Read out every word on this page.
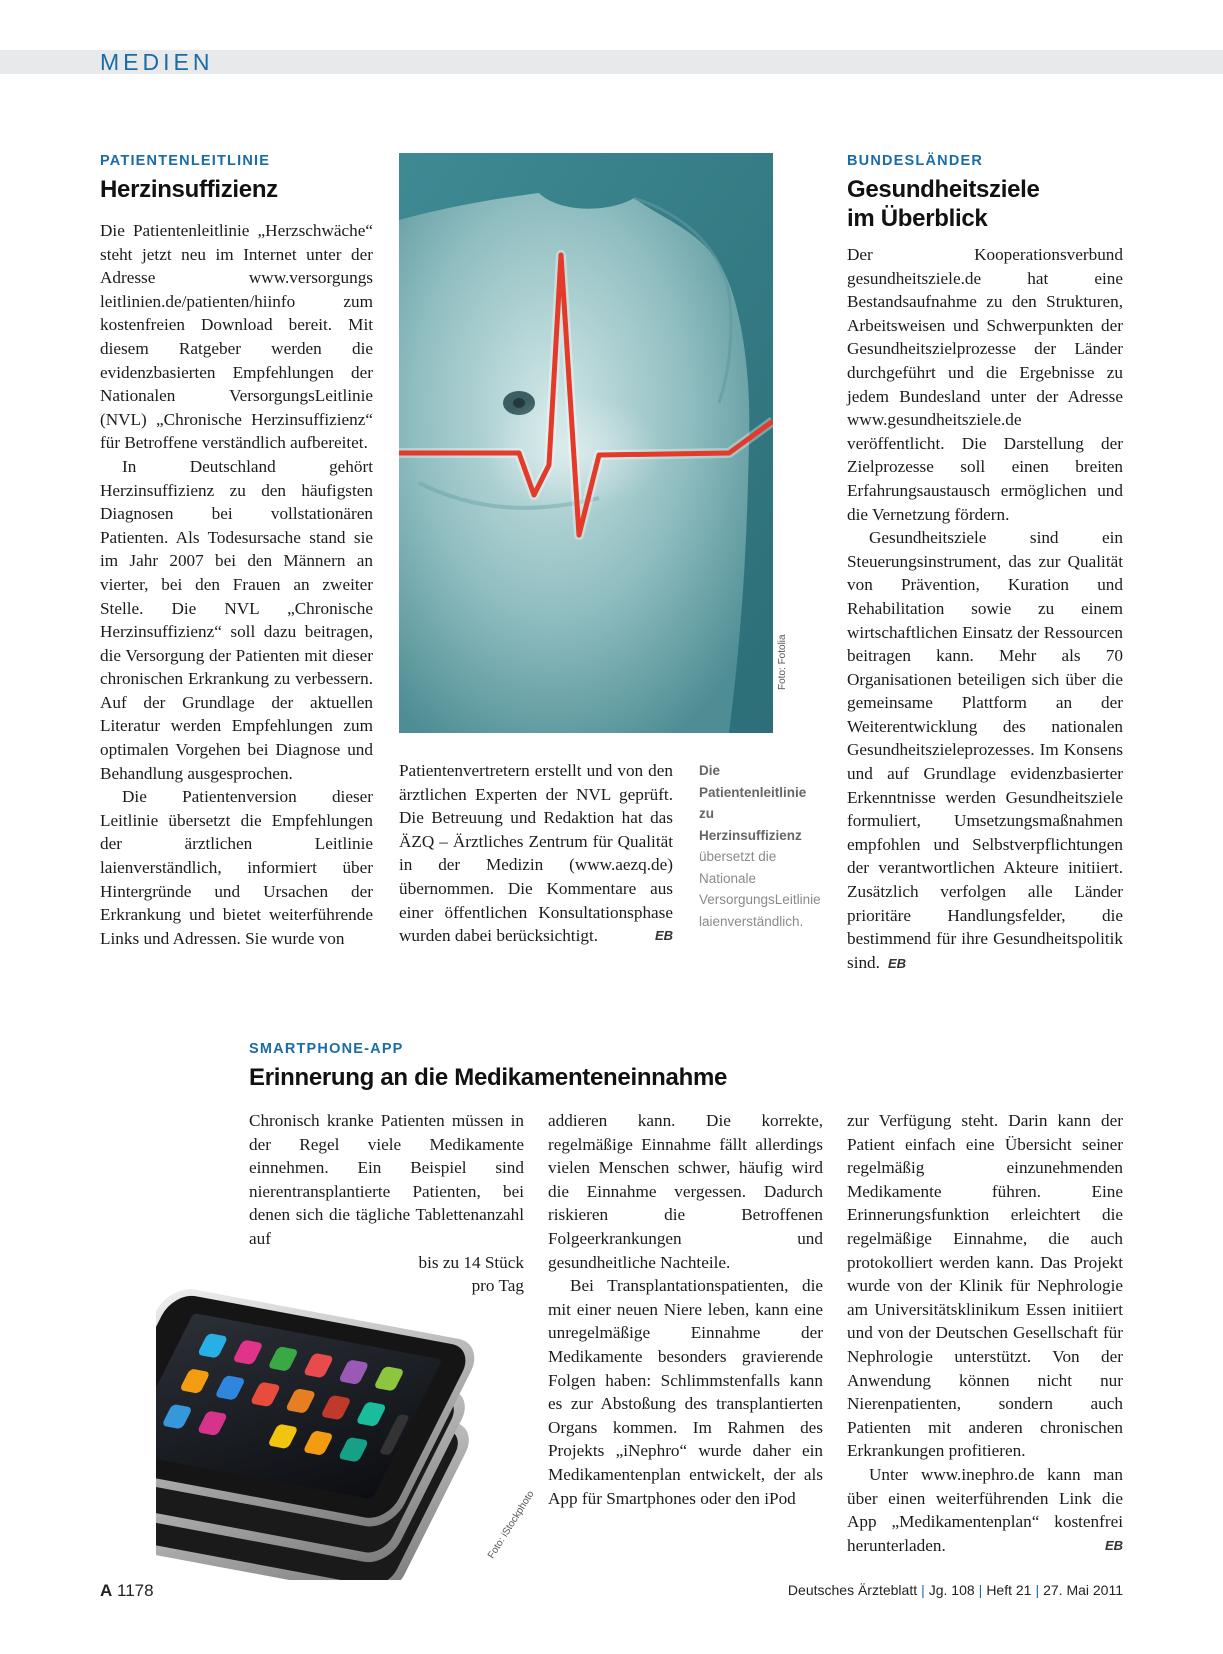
MEDIEN
PATIENTENLEITLINIE
Herzinsuffizienz

Die Patientenleitlinie „Herzschwäche“ steht jetzt neu im Internet unter der Adresse www.versorgungs leitlinien.de/patienten/hiinfo zum kostenfreien Download bereit. Mit diesem Ratgeber werden die evidenzbasierten Empfehlungen der Nationalen VersorgungsLeitlinie (NVL) „Chronische Herzinsuffizienz“ für Betroffene verständlich aufbereitet.

In Deutschland gehört Herzinsuffizienz zu den häufigsten Diagnosen bei vollstationären Patienten. Als Todesursache stand sie im Jahr 2007 bei den Männern an vierter, bei den Frauen an zweiter Stelle. Die NVL „Chronische Herzinsuffizienz“ soll dazu beitragen, die Versorgung der Patienten mit dieser chronischen Erkrankung zu verbessern. Auf der Grundlage der aktuellen Literatur werden Empfehlungen zum optimalen Vorgehen bei Diagnose und Behandlung ausgesprochen.

Die Patientenversion dieser Leitlinie übersetzt die Empfehlungen der ärztlichen Leitlinie laienverständlich, informiert über Hintergründe und Ursachen der Erkrankung und bietet weiterführende Links und Adressen. Sie wurde von

Foto: Fotolia

Patientenvertretern erstellt und von den ärztlichen Experten der NVL geprüft. Die Betreuung und Redaktion hat das ÄZQ – Ärztliches Zentrum für Qualität in der Medizin (www.aezq.de) übernommen. Die Kommentare aus einer öffentlichen Konsultationsphase wurden dabei berücksichtigt.	EB

Die Patientenleitlinie zu Herzinsuffizienz übersetzt die Nationale VersorgungsLeitlinie laienverständlich.
BUNDESLÄNDER
Gesundheitsziele
im Überblick

Der Kooperationsverbund gesundheitsziele.de hat eine Bestandsaufnahme zu den Strukturen, Arbeitsweisen und Schwerpunkten der Gesundheitszielprozesse der Länder durchgeführt und die Ergebnisse zu jedem Bundesland unter der Adresse www.gesundheitsziele.de veröffentlicht. Die Darstellung der Zielprozesse soll einen breiten Erfahrungsaustausch ermöglichen und die Vernetzung fördern.

Gesundheitsziele sind ein Steuerungsinstrument, das zur Qualität von Prävention, Kuration und Rehabilitation sowie zu einem wirtschaftlichen Einsatz der Ressourcen beitragen kann. Mehr als 70 Organisationen beteiligen sich über die gemeinsame Plattform an der Weiterentwicklung des nationalen Gesundheitszieleprozesses. Im Konsens und auf Grundlage evidenzbasierter Erkenntnisse werden Gesundheitsziele formuliert, Umsetzungsmaßnahmen empfohlen und Selbstverpflichtungen der verantwortlichen Akteure initiiert. Zusätzlich verfolgen alle Länder prioritäre Handlungsfelder, die bestimmend für ihre Gesundheitspolitik sind. EB

SMARTPHONE-APP
Erinnerung an die Medikamenteneinnahme

Chronisch kranke Patienten müssen in der Regel viele Medikamente einnehmen. Ein Beispiel sind nierentransplantierte Patienten, bei denen sich die tägliche Tablettenanzahl auf

bis zu 14 Stück
pro Tag
Foto: iStockphoto

addieren kann. Die korrekte, regelmäßige Einnahme fällt allerdings vielen Menschen schwer, häufig wird die Einnahme vergessen. Dadurch riskieren die Betroffenen Folgeerkrankungen und gesundheitliche Nachteile.

Bei Transplantationspatienten, die mit einer neuen Niere leben, kann eine unregelmäßige Einnahme der Medikamente besonders gravierende Folgen haben: Schlimmstenfalls kann es zur Abstoßung des transplantierten Organs kommen. Im Rahmen des Projekts „iNephro“ wurde daher ein Medikamentenplan entwickelt, der als App für Smartphones oder den iPod

zur Verfügung steht. Darin kann der Patient einfach eine Übersicht seiner regelmäßig einzunehmenden Medikamente führen. Eine Erinnerungsfunktion erleichtert die regelmäßige Einnahme, die auch protokolliert werden kann. Das Projekt wurde von der Klinik für Nephrologie am Universitätsklinikum Essen initiiert und von der Deutschen Gesellschaft für Nephrologie unterstützt. Von der Anwendung können nicht nur Nierenpatienten, sondern auch Patienten mit anderen chronischen Erkrankungen profitieren.

Unter www.inephro.de kann man über einen weiterführenden Link die App „Medikamentenplan“ kostenfrei herunterladen.	EB

A 1178	Deutsches Ärzteblatt | Jg. 108 | Heft 21 | 27. Mai 2011
